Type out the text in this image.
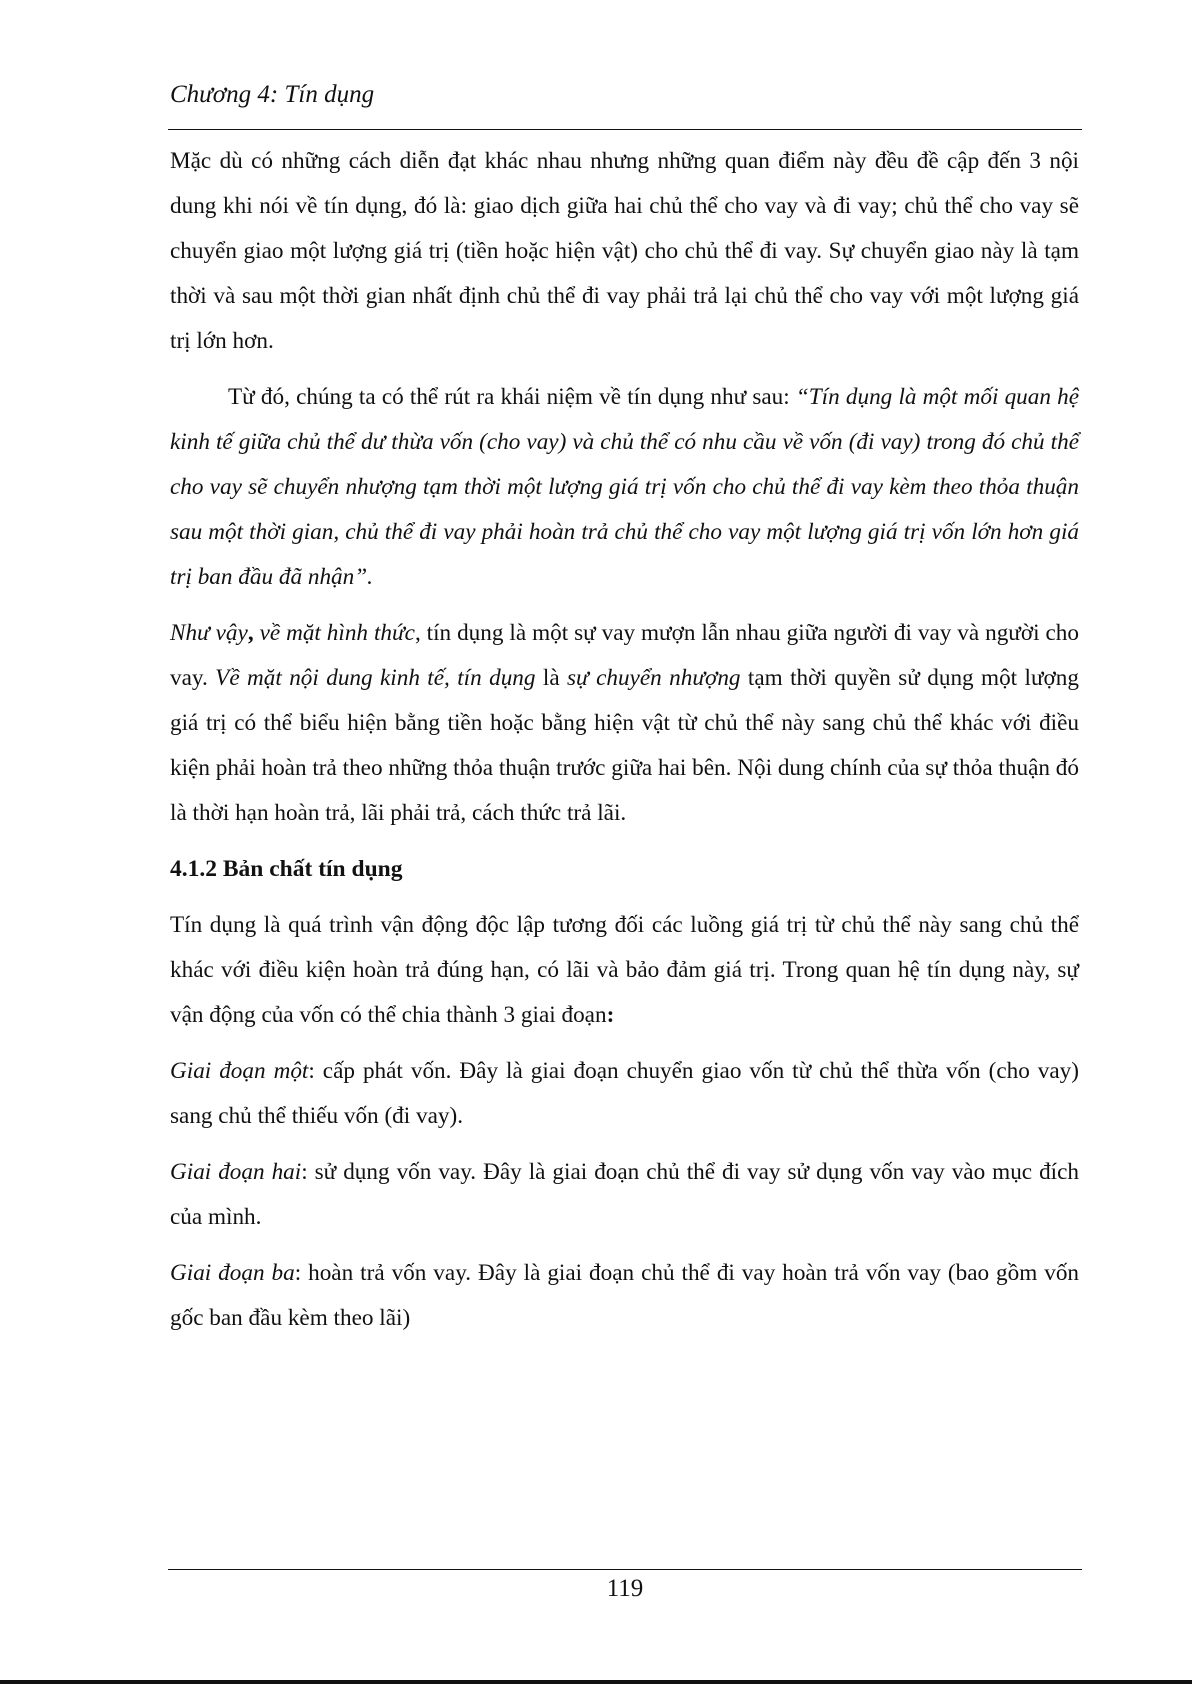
Chương 4: Tín dụng

Mặc dù có những cách diễn đạt khác nhau nhưng những quan điểm này đều đề cập đến 3 nội dung khi nói về tín dụng, đó là: giao dịch giữa hai chủ thể cho vay và đi vay; chủ thể cho vay sẽ chuyển giao một lượng giá trị (tiền hoặc hiện vật) cho chủ thể đi vay. Sự chuyển giao này là tạm thời và sau một thời gian nhất định chủ thể đi vay phải trả lại chủ thể cho vay với một lượng giá trị lớn hơn.

Từ đó, chúng ta có thể rút ra khái niệm về tín dụng như sau: “Tín dụng là một mối quan hệ kinh tế giữa chủ thể dư thừa vốn (cho vay) và chủ thể có nhu cầu về vốn (đi vay) trong đó chủ thể cho vay sẽ chuyển nhượng tạm thời một lượng giá trị vốn cho chủ thể đi vay kèm theo thỏa thuận sau một thời gian, chủ thể đi vay phải hoàn trả chủ thể cho vay một lượng giá trị vốn lớn hơn giá trị ban đầu đã nhận”.

Như vậy, về mặt hình thức, tín dụng là một sự vay mượn lẫn nhau giữa người đi vay và người cho vay. Về mặt nội dung kinh tế, tín dụng là sự chuyển nhượng tạm thời quyền sử dụng một lượng giá trị có thể biểu hiện bằng tiền hoặc bằng hiện vật từ chủ thể này sang chủ thể khác với điều kiện phải hoàn trả theo những thỏa thuận trước giữa hai bên. Nội dung chính của sự thỏa thuận đó là thời hạn hoàn trả, lãi phải trả, cách thức trả lãi.

4.1.2 Bản chất tín dụng

Tín dụng là quá trình vận động độc lập tương đối các luồng giá trị từ chủ thể này sang chủ thể khác với điều kiện hoàn trả đúng hạn, có lãi và bảo đảm giá trị. Trong quan hệ tín dụng này, sự vận động của vốn có thể chia thành 3 giai đoạn:

Giai đoạn một: cấp phát vốn. Đây là giai đoạn chuyển giao vốn từ chủ thể thừa vốn (cho vay) sang chủ thể thiếu vốn (đi vay).

Giai đoạn hai: sử dụng vốn vay. Đây là giai đoạn chủ thể đi vay sử dụng vốn vay vào mục đích của mình.

Giai đoạn ba: hoàn trả vốn vay. Đây là giai đoạn chủ thể đi vay hoàn trả vốn vay (bao gồm vốn gốc ban đầu kèm theo lãi)

119
